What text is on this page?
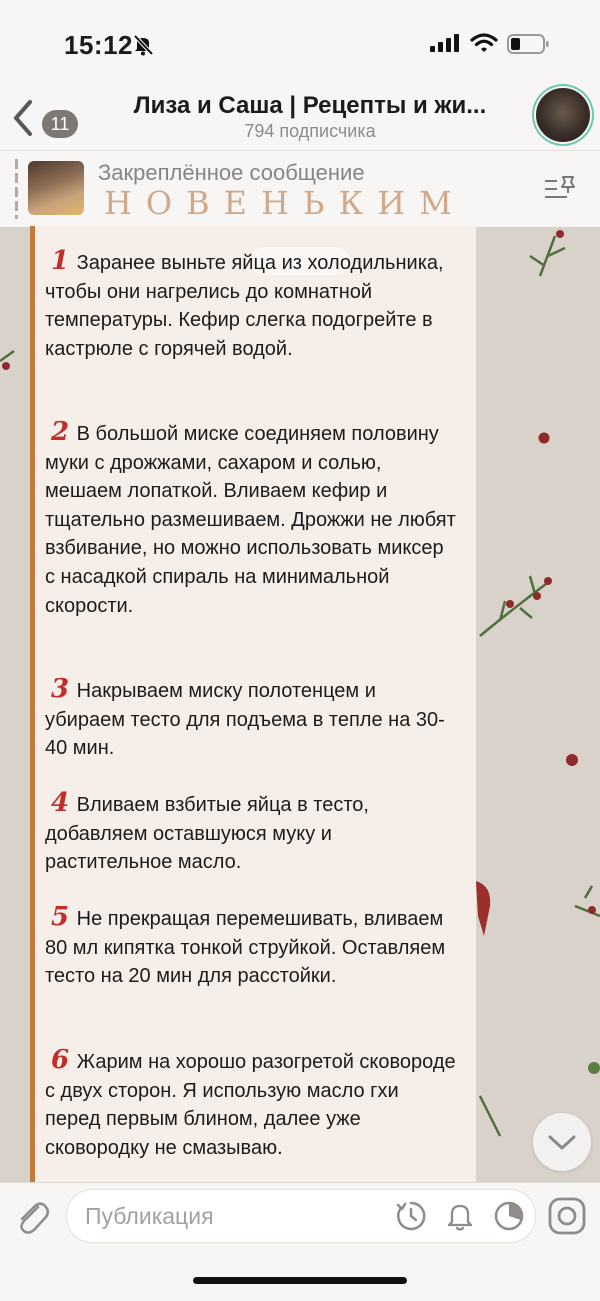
15:12
11
Лиза и Саша | Рецепты и жи...
794 подписчика
Закреплённое сообщение
НОВЕНЬКИМ
1 Заранее выньте яйца из холодильника, чтобы они нагрелись до комнатной температуры. Кефир слегка подогрейте в кастрюле с горячей водой.
2 В большой миске соединяем половину муки с дрожжами, сахаром и солью, мешаем лопаткой. Вливаем кефир и тщательно размешиваем. Дрожжи не любят взбивание, но можно использовать миксер с насадкой спираль на минимальной скорости.
3 Накрываем миску полотенцем и убираем тесто для подъема в тепле на 30-40 мин.
4 Вливаем взбитые яйца в тесто, добавляем оставшуюся муку и растительное масло.
5 Не прекращая перемешивать, вливаем 80 мл кипятка тонкой струйкой. Оставляем тесто на 20 мин для расстойки.
6 Жарим на хорошо разогретой сковороде с двух сторон. Я использую масло гхи перед первым блином, далее уже сковородку не смазываю.
Публикация
